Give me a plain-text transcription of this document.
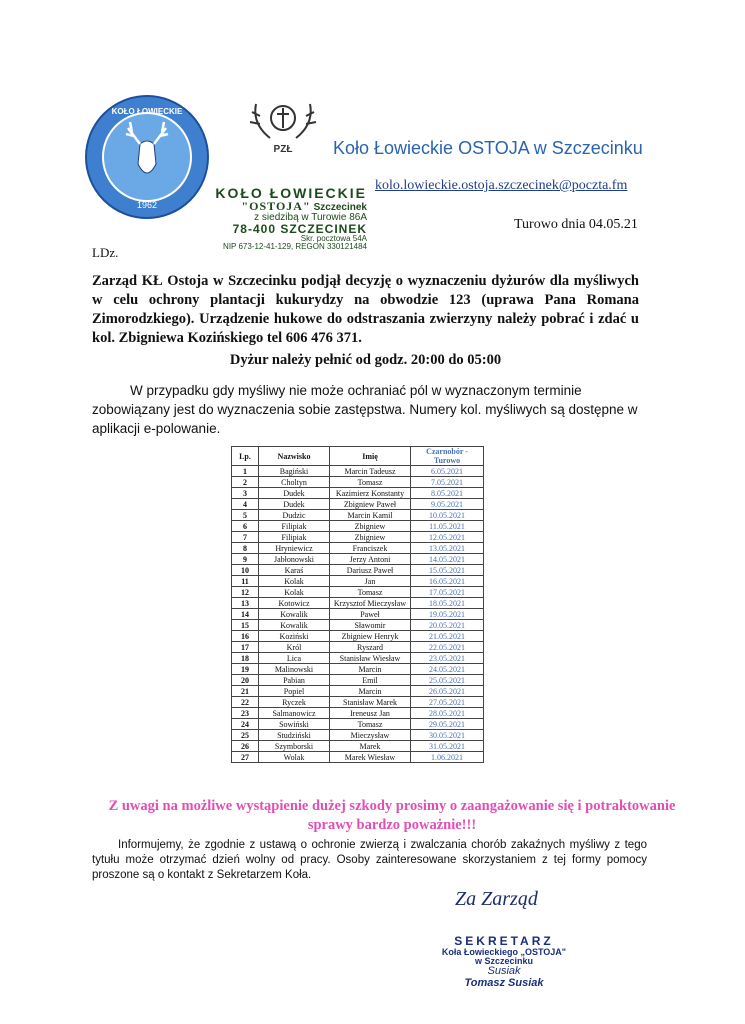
1962
KOŁO ŁOWIECKIE
PZŁ Koło Łowieckie OSTOJA w Szczecinku
kolo.lowieckie.ostoja.szczecinek@poczta.fm
KOŁO ŁOWIECKIE
"OSTOJA" Szczecinek
z siedzibą w Turowie 86A
78-400 SZCZECINEK
Skr. pocztowa 54A
NIP 673-12-41-129, REGON 330121484
Turowo dnia 04.05.21
LDz.
Zarząd KŁ Ostoja w Szczecinku podjął decyzję o wyznaczeniu dyżurów dla myśliwych w celu ochrony plantacji kukurydzy na obwodzie 123 (uprawa Pana Romana Zimorodzkiego). Urządzenie hukowe do odstraszania zwierzyny należy pobrać i zdać u kol. Zbigniewa Kozińskiego tel 606 476 371.
Dyżur należy pełnić od godz. 20:00 do 05:00
W przypadku gdy myśliwy nie może ochraniać pól w wyznaczonym terminie zobowiązany jest do wyznaczenia sobie zastępstwa. Numery kol. myśliwych są dostępne w aplikacji e-polowanie.
Lp.	Nazwisko	Imię	Czarnobór -Turowo
1	Bagiński	Marcin Tadeusz	6.05.2021
2	Choltyn	Tomasz	7.05.2021
3	Dudek	Kazimierz Konstanty	8.05.2021
4	Dudek	Zbigniew Paweł	9.05.2021
5	Dudzic	Marcin Kamil	10.05.2021
6	Filipiak	Zbigniew	11.05.2021
7	Filipiak	Zbigniew	12.05.2021
8	Hryniewicz	Franciszek	13.05.2021
9	Jabłonowski	Jerzy Antoni	14.05.2021
10	Karaś	Dariusz Paweł	15.05.2021
11	Kolak	Jan	16.05.2021
12	Kolak	Tomasz	17.05.2021
13	Kotowicz	Krzysztof Mieczysław	18.05.2021
14	Kowalik	Paweł	19.05.2021
15	Kowalik	Sławomir	20.05.2021
16	Koziński	Zbigniew Henryk	21.05.2021
17	Król	Ryszard	22.05.2021
18	Lica	Stanisław Wiesław	23.05.2021
19	Malinowski	Marcin	24.05.2021
20	Pabian	Emil	25.05.2021
21	Popiel	Marcin	26.05.2021
22	Ryczek	Stanisław Marek	27.05.2021
23	Salmanowicz	Ireneusz Jan	28.05.2021
24	Sowiński	Tomasz	29.05.2021
25	Studziński	Mieczysław	30.05.2021
26	Szymborski	Marek	31.05.2021
27	Wolak	Marek Wiesław	1.06.2021
Z uwagi na możliwe wystąpienie dużej szkody prosimy o zaangażowanie się i potraktowanie sprawy bardzo poważnie!!!
Informujemy, że zgodnie z ustawą o ochronie zwierzą i zwalczania chorób zakaźnych myśliwy z tego tytułu może otrzymać dzień wolny od pracy. Osoby zainteresowane skorzystaniem z tej formy pomocy proszone są o kontakt z Sekretarzem Koła.
Za Zarząd
SEKRETARZ
Koła Łowieckiego „OSTOJA"
w Szczecinku
Susiak
Tomasz Susiak
